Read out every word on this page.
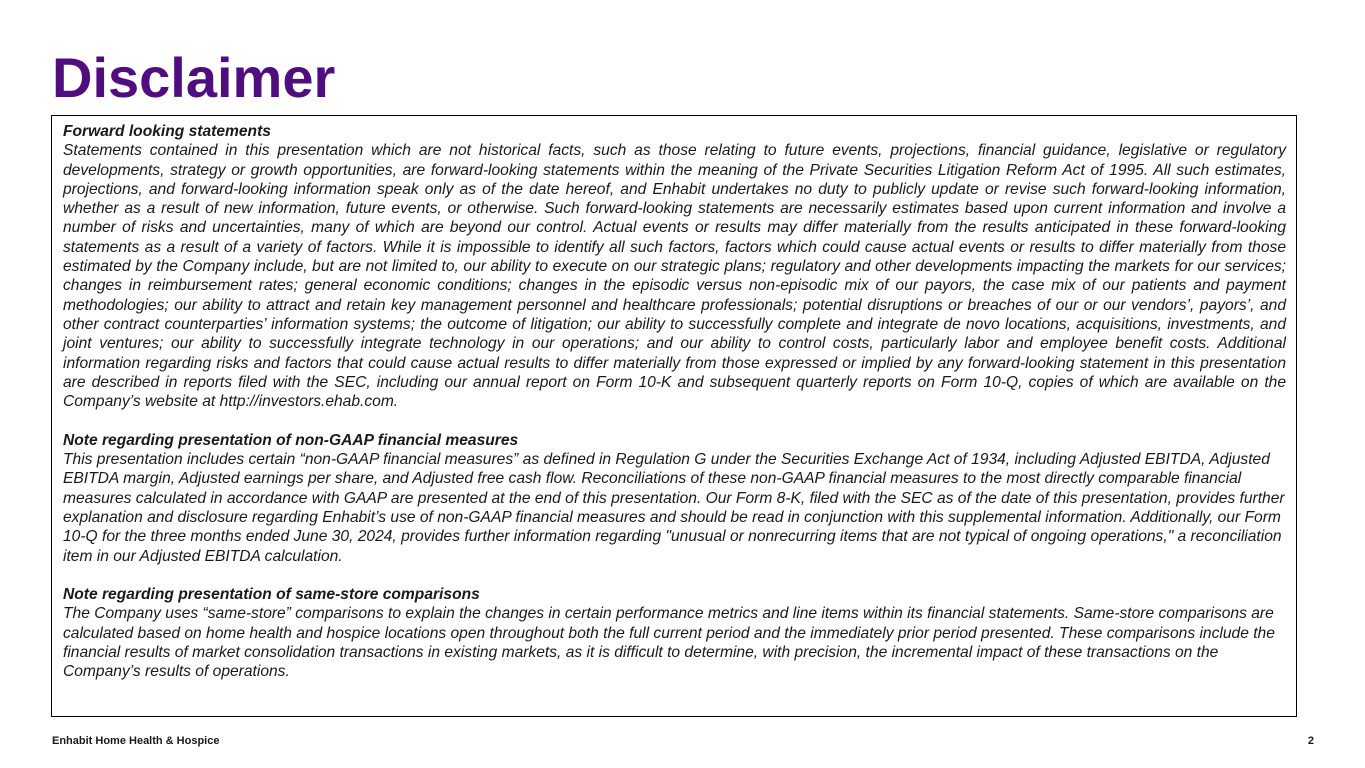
Disclaimer
Forward looking statements
Statements contained in this presentation which are not historical facts, such as those relating to future events, projections, financial guidance, legislative or regulatory developments, strategy or growth opportunities, are forward-looking statements within the meaning of the Private Securities Litigation Reform Act of 1995. All such estimates, projections, and forward-looking information speak only as of the date hereof, and Enhabit undertakes no duty to publicly update or revise such forward-looking information, whether as a result of new information, future events, or otherwise. Such forward-looking statements are necessarily estimates based upon current information and involve a number of risks and uncertainties, many of which are beyond our control. Actual events or results may differ materially from the results anticipated in these forward-looking statements as a result of a variety of factors. While it is impossible to identify all such factors, factors which could cause actual events or results to differ materially from those estimated by the Company include, but are not limited to, our ability to execute on our strategic plans; regulatory and other developments impacting the markets for our services; changes in reimbursement rates; general economic conditions; changes in the episodic versus non-episodic mix of our payors, the case mix of our patients and payment methodologies; our ability to attract and retain key management personnel and healthcare professionals; potential disruptions or breaches of our or our vendors’, payors’, and other contract counterparties’ information systems; the outcome of litigation; our ability to successfully complete and integrate de novo locations, acquisitions, investments, and joint ventures; our ability to successfully integrate technology in our operations; and our ability to control costs, particularly labor and employee benefit costs. Additional information regarding risks and factors that could cause actual results to differ materially from those expressed or implied by any forward-looking statement in this presentation are described in reports filed with the SEC, including our annual report on Form 10-K and subsequent quarterly reports on Form 10-Q, copies of which are available on the Company’s website at http://investors.ehab.com.
Note regarding presentation of non-GAAP financial measures
This presentation includes certain “non-GAAP financial measures” as defined in Regulation G under the Securities Exchange Act of 1934, including Adjusted EBITDA, Adjusted EBITDA margin, Adjusted earnings per share, and Adjusted free cash flow. Reconciliations of these non-GAAP financial measures to the most directly comparable financial measures calculated in accordance with GAAP are presented at the end of this presentation. Our Form 8-K, filed with the SEC as of the date of this presentation, provides further explanation and disclosure regarding Enhabit’s use of non-GAAP financial measures and should be read in conjunction with this supplemental information. Additionally, our Form 10-Q for the three months ended June 30, 2024, provides further information regarding "unusual or nonrecurring items that are not typical of ongoing operations," a reconciliation item in our Adjusted EBITDA calculation.
Note regarding presentation of same-store comparisons
The Company uses “same-store” comparisons to explain the changes in certain performance metrics and line items within its financial statements. Same-store comparisons are calculated based on home health and hospice locations open throughout both the full current period and the immediately prior period presented. These comparisons include the financial results of market consolidation transactions in existing markets, as it is difficult to determine, with precision, the incremental impact of these transactions on the Company’s results of operations.
Enhabit Home Health & Hospice	2
